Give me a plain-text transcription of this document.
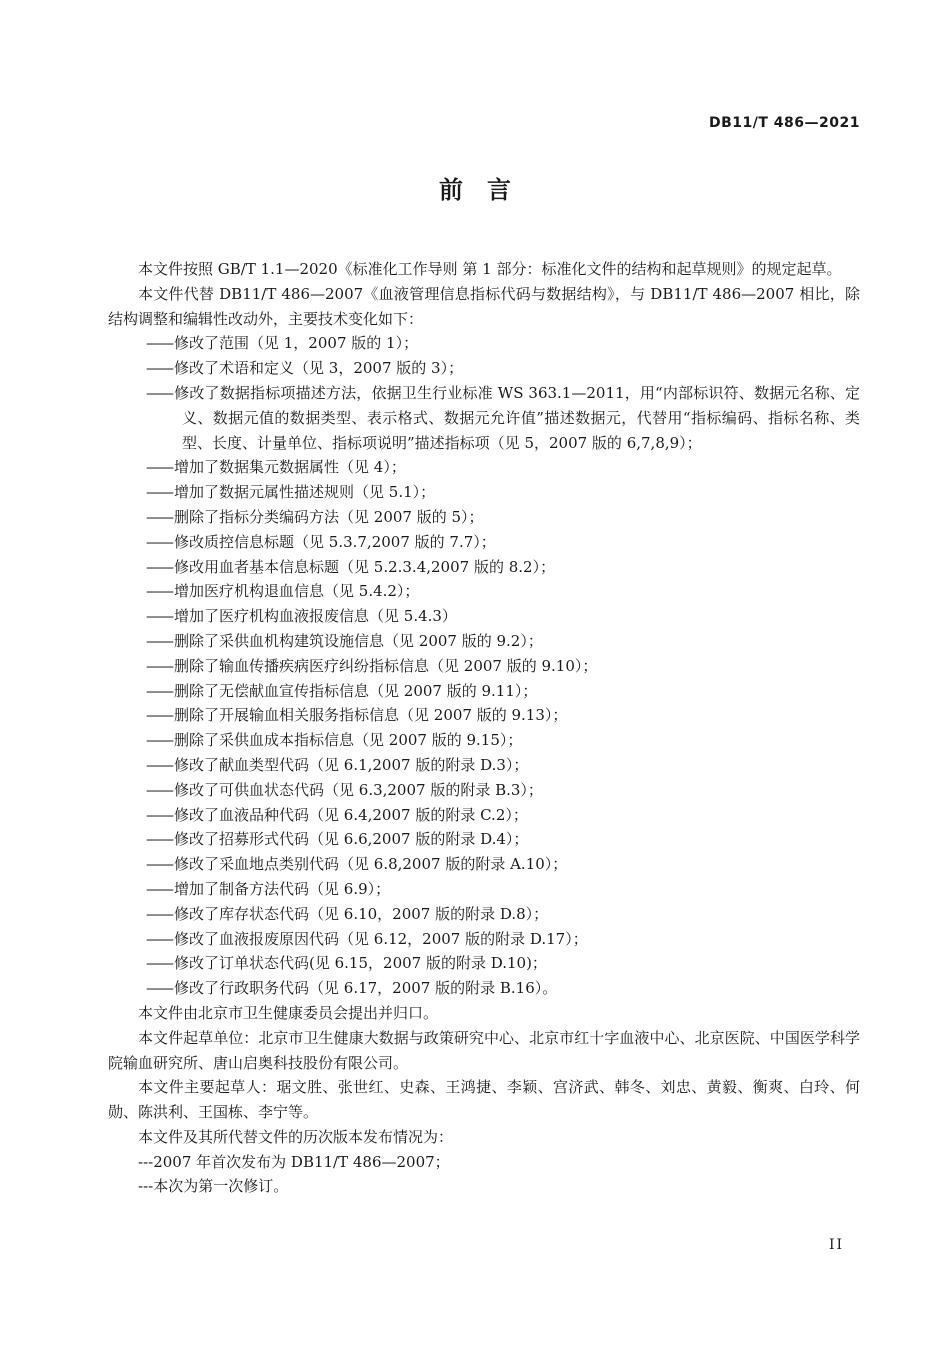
DB11/T 486—2021
前言

本文件按照 GB/T 1.1—2020《标准化工作导则 第 1 部分：标准化文件的结构和起草规则》的规定起草。

本文件代替 DB11/T 486—2007《血液管理信息指标代码与数据结构》，与 DB11/T 486—2007 相比，除结构调整和编辑性改动外，主要技术变化如下：

—— 修改了范围（见 1，2007 版的 1）；

—— 修改了术语和定义（见 3，2007 版的 3）；

—— 修改了数据指标项描述方法，依据卫生行业标准 WS 363.1—2011，用“内部标识符、数据元名称、定义、数据元值的数据类型、表示格式、数据元允许值”描述数据元，代替用“指标编码、指标名称、类型、长度、计量单位、指标项说明”描述指标项（见 5，2007 版的 6,7,8,9）；

—— 增加了数据集元数据属性（见 4）；

—— 增加了数据元属性描述规则（见 5.1）；

—— 删除了指标分类编码方法（见 2007 版的 5）；

—— 修改质控信息标题（见 5.3.7,2007 版的 7.7）；

—— 修改用血者基本信息标题（见 5.2.3.4,2007 版的 8.2）；

—— 增加医疗机构退血信息（见 5.4.2）；

—— 增加了医疗机构血液报废信息（见 5.4.3）

—— 删除了采供血机构建筑设施信息（见 2007 版的 9.2）；

—— 删除了输血传播疾病医疗纠纷指标信息（见 2007 版的 9.10）；

—— 删除了无偿献血宣传指标信息（见 2007 版的 9.11）；

—— 删除了开展输血相关服务指标信息（见 2007 版的 9.13）；

—— 删除了采供血成本指标信息（见 2007 版的 9.15）；

—— 修改了献血类型代码（见 6.1,2007 版的附录 D.3）；

—— 修改了可供血状态代码（见 6.3,2007 版的附录 B.3）；

—— 修改了血液品种代码（见 6.4,2007 版的附录 C.2）；

—— 修改了招募形式代码（见 6.6,2007 版的附录 D.4）；

—— 修改了采血地点类别代码（见 6.8,2007 版的附录 A.10）；

—— 增加了制备方法代码（见 6.9）；

—— 修改了库存状态代码（见 6.10，2007 版的附录 D.8）；

—— 修改了血液报废原因代码（见 6.12，2007 版的附录 D.17）；

—— 修改了订单状态代码(见 6.15，2007 版的附录 D.10)；

—— 修改了行政职务代码（见 6.17，2007 版的附录 B.16）。

本文件由北京市卫生健康委员会提出并归口。

本文件起草单位：北京市卫生健康大数据与政策研究中心、北京市红十字血液中心、北京医院、中国医学科学院输血研究所、唐山启奥科技股份有限公司。

本文件主要起草人：琚文胜、张世红、史森、王鸿捷、李颖、宫济武、韩冬、刘忠、黄毅、衡爽、白玲、何勋、陈洪利、王国栋、李宁等。

本文件及其所代替文件的历次版本发布情况为：

---2007 年首次发布为 DB11/T 486—2007；

---本次为第一次修订。

II
